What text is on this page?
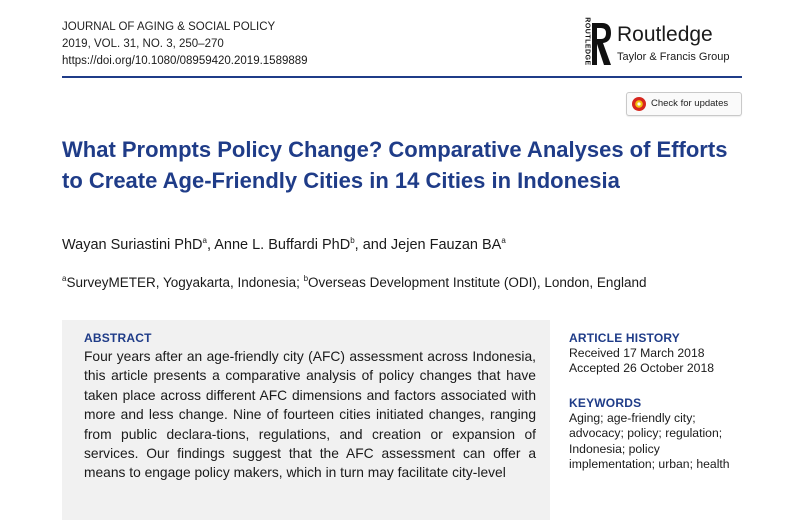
JOURNAL OF AGING & SOCIAL POLICY
2019, VOL. 31, NO. 3, 250–270
https://doi.org/10.1080/08959420.2019.1589889	ROUTLEDGE Routledge
Taylor & Francis Group
Check for updates
What Prompts Policy Change? Comparative Analyses of Efforts to Create Age-Friendly Cities in 14 Cities in Indonesia
Wayan Suriastini PhD$^a$, Anne L. Buffardi PhD$^b$, and Jejen Fauzan $BA^a$
$^a$SurveyMETER, Yogyakarta, Indonesia; $^b$Overseas Development Institute (ODI), London, England
ABSTRACT

Four years after an age-friendly city (AFC) assessment across Indonesia, this article presents a comparative analysis of policy changes that have taken place across different AFC dimensions and factors associated with more and less change. Nine of fourteen cities initiated changes, ranging from public declara-tions, regulations, and creation or expansion of services. Our findings suggest that the AFC assessment can offer a means to engage policy makers, which in turn may facilitate city-level

ARTICLE HISTORY
Received 17 March 2018
Accepted 26 October 2018
KEYWORDS
Aging; age-friendly city; advocacy; policy; regulation; Indonesia; policy implementation; urban; health
